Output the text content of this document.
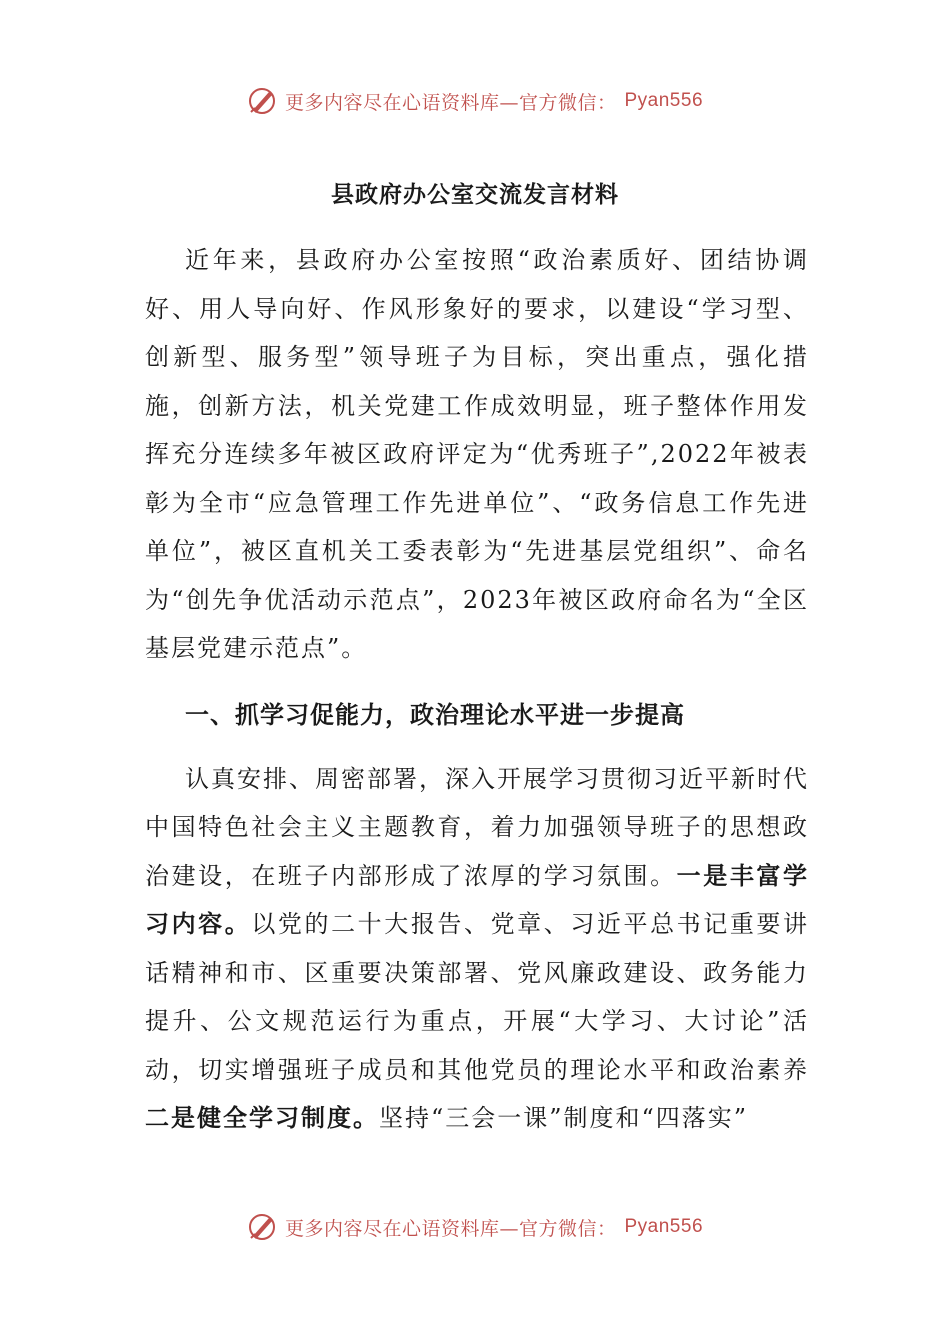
更多内容尽在心语资料库—官方微信： Pyan556
县政府办公室交流发言材料

近年来，县政府办公室按照“政治素质好、团结协调好、用人导向好、作风形象好的要求，以建设“学习型、创新型、服务型”领导班子为目标，突出重点，强化措施，创新方法，机关党建工作成效明显，班子整体作用发挥充分连续多年被区政府评定为“优秀班子”,2022年被表彰为全市“应急管理工作先进单位”、“政务信息工作先进单位”，被区直机关工委表彰为“先进基层党组织”、命名为“创先争优活动示范点”，2023年被区政府命名为“全区基层党建示范点”。

一、抓学习促能力，政治理论水平进一步提高

认真安排、周密部署，深入开展学习贯彻习近平新时代中国特色社会主义主题教育，着力加强领导班子的思想政治建设，在班子内部形成了浓厚的学习氛围。一是丰富学习内容。以党的二十大报告、党章、习近平总书记重要讲话精神和市、区重要决策部署、党风廉政建设、政务能力提升、公文规范运行为重点，开展“大学习、大讨论”活动，切实增强班子成员和其他党员的理论水平和政治素养二是健全学习制度。坚持“三会一课”制度和“四落实”

更多内容尽在心语资料库—官方微信： Pyan556
